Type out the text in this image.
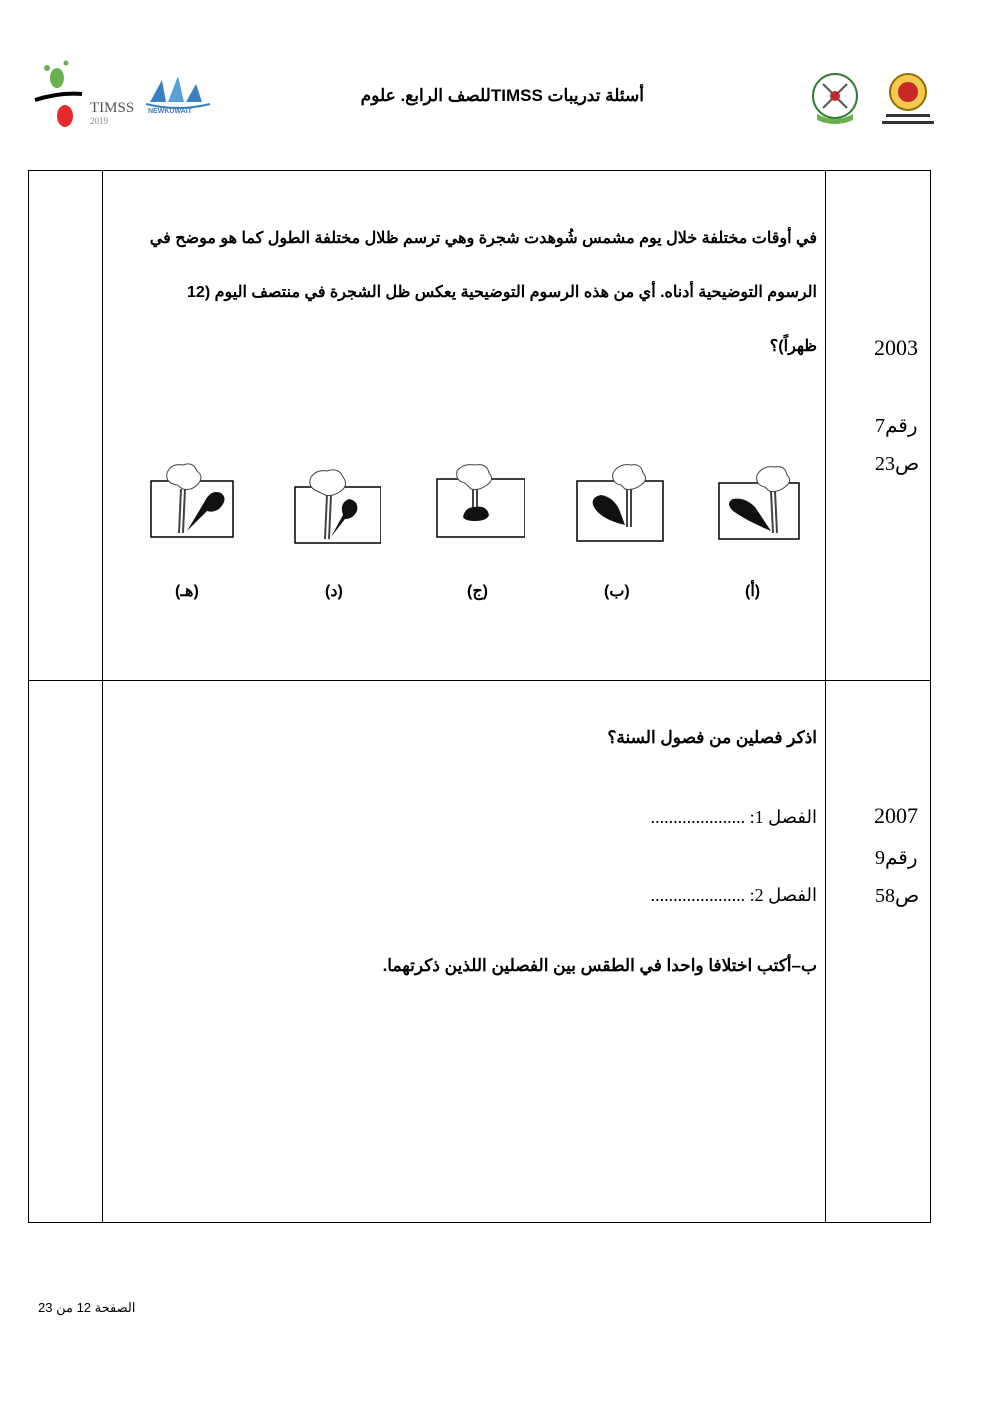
TIMSS
2019
NEWKUWAIT
أسئلة تدريبات TIMSSللصف الرابع. علوم
في أوقات مختلفة خلال يوم مشمس شُوهدت شجرة وهي ترسم ظلال مختلفة الطول كما هو موضح في الرسوم التوضيحية أدناه. أي من هذه الرسوم التوضيحية يعكس ظل الشجرة في منتصف اليوم (12 ظهراً)؟	2003
رقم7
ص23
(هـ)	(د)	(ج)	(ب)	(أ)
اذكر فصلين من فصول السنة؟
الفصل 1: .....................
الفصل 2: .....................
ب–أكتب اختلافا واحدا في الطقس بين الفصلين اللذين ذكرتهما.
2007
رقم9
ص58
الصفحة 12 من 23
